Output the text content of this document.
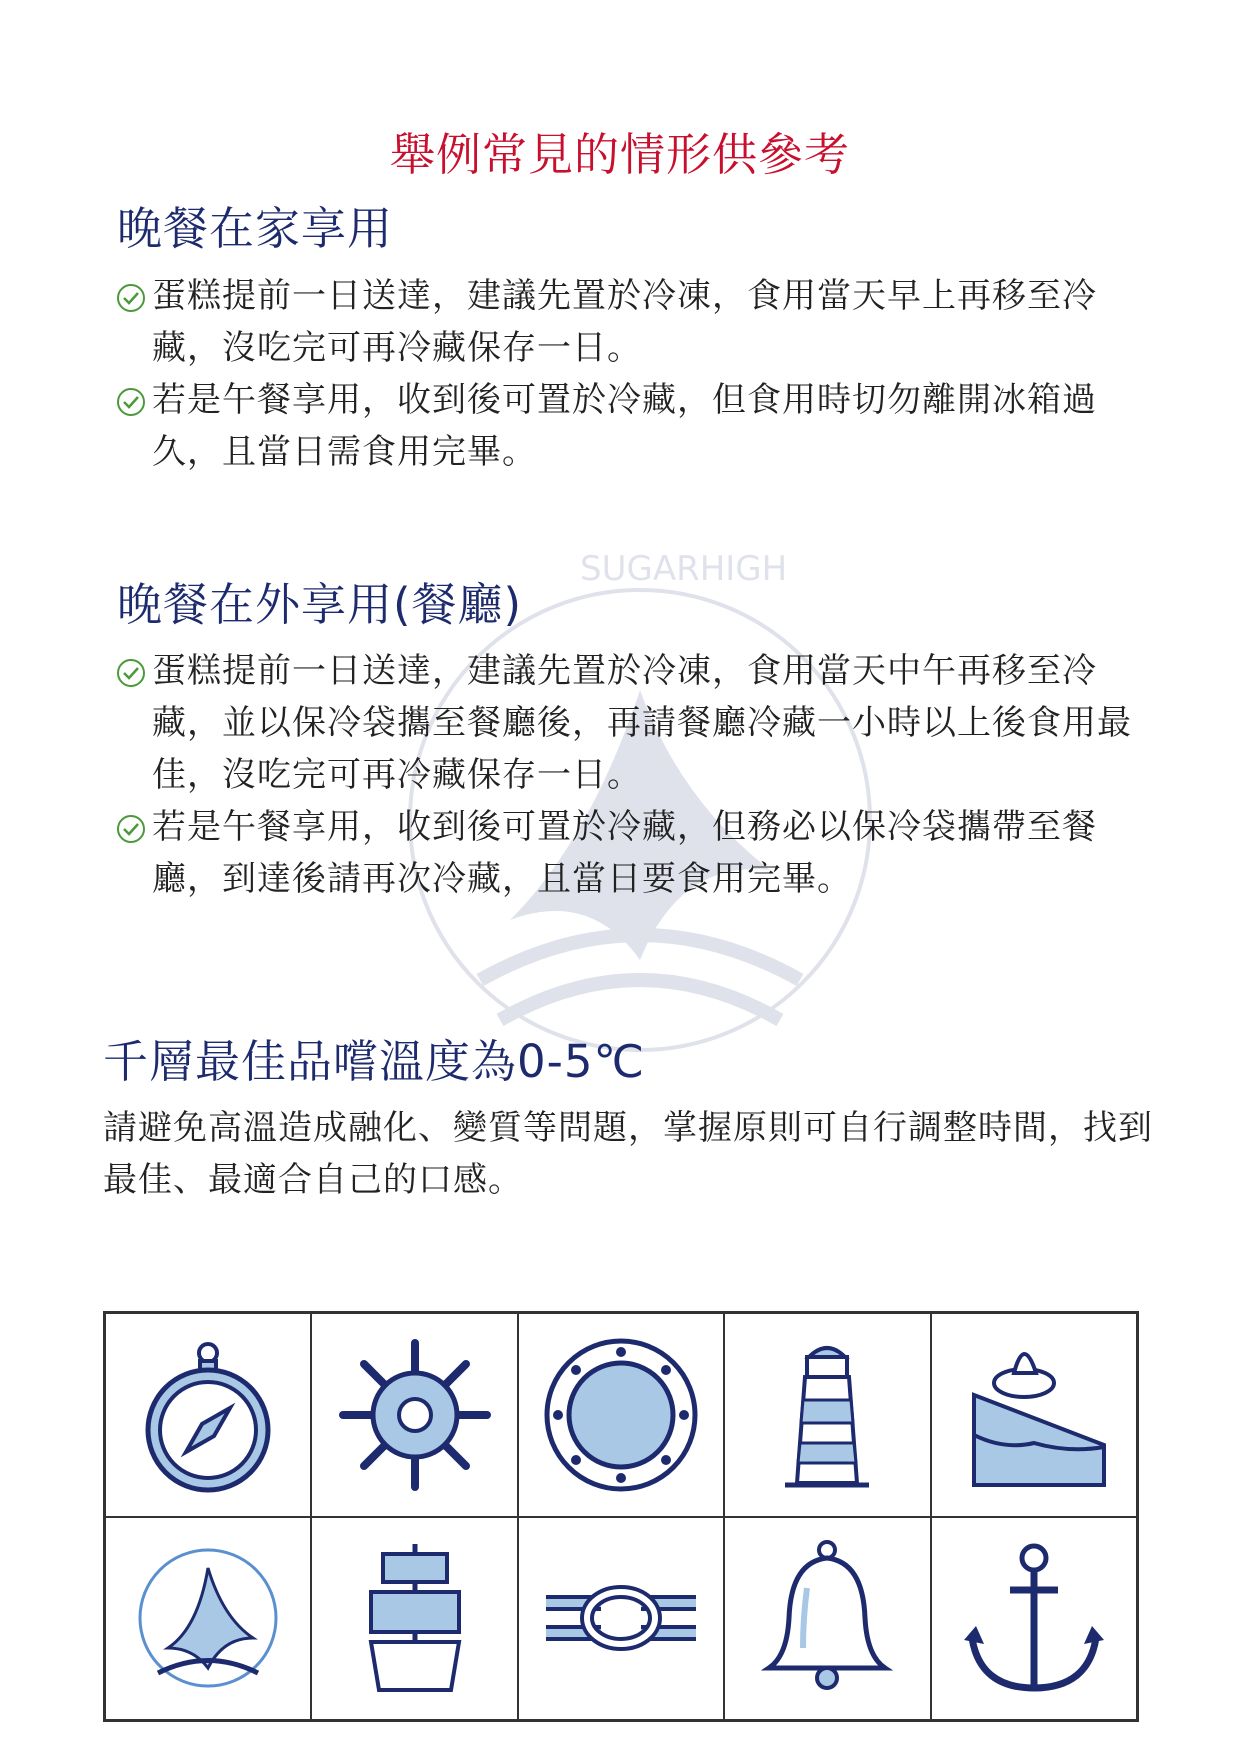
SUGARHIGH
舉例常見的情形供參考
晚餐在家享用
蛋糕提前一日送達，建議先置於冷凍，食用當天早上再移至冷藏，沒吃完可再冷藏保存一日。
若是午餐享用，收到後可置於冷藏，但食用時切勿離開冰箱過久，且當日需食用完畢。
晚餐在外享用(餐廳)
蛋糕提前一日送達，建議先置於冷凍，食用當天中午再移至冷藏，並以保冷袋攜至餐廳後，再請餐廳冷藏一小時以上後食用最佳，沒吃完可再冷藏保存一日。
若是午餐享用，收到後可置於冷藏，但務必以保冷袋攜帶至餐廳，到達後請再次冷藏，且當日要食用完畢。
千層最佳品嚐溫度為0-5℃
請避免高溫造成融化、變質等問題，掌握原則可自行調整時間，找到最佳、最適合自己的口感。
